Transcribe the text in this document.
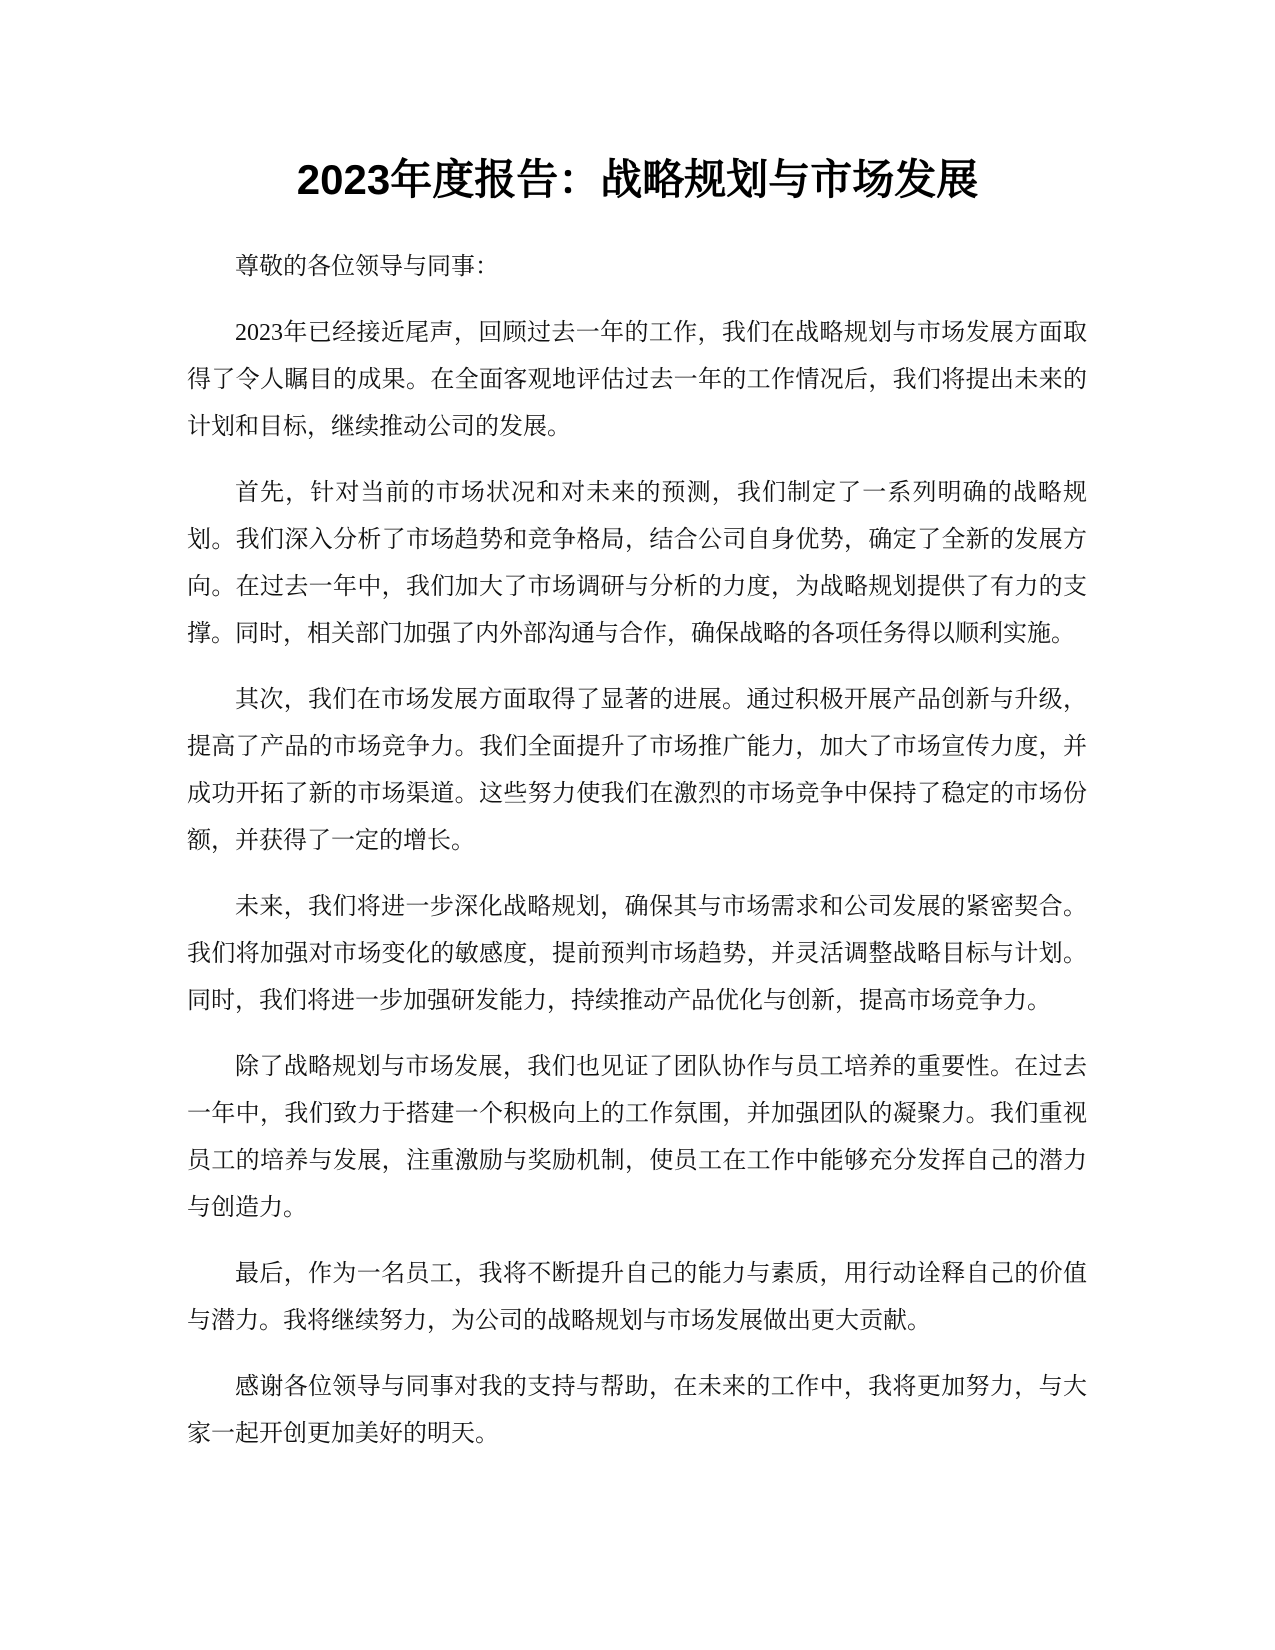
2023年度报告：战略规划与市场发展

尊敬的各位领导与同事：

2023年已经接近尾声，回顾过去一年的工作，我们在战略规划与市场发展方面取得了令人瞩目的成果。在全面客观地评估过去一年的工作情况后，我们将提出未来的计划和目标，继续推动公司的发展。

首先，针对当前的市场状况和对未来的预测，我们制定了一系列明确的战略规划。我们深入分析了市场趋势和竞争格局，结合公司自身优势，确定了全新的发展方向。在过去一年中，我们加大了市场调研与分析的力度，为战略规划提供了有力的支撑。同时，相关部门加强了内外部沟通与合作，确保战略的各项任务得以顺利实施。

其次，我们在市场发展方面取得了显著的进展。通过积极开展产品创新与升级，提高了产品的市场竞争力。我们全面提升了市场推广能力，加大了市场宣传力度，并成功开拓了新的市场渠道。这些努力使我们在激烈的市场竞争中保持了稳定的市场份额，并获得了一定的增长。

未来，我们将进一步深化战略规划，确保其与市场需求和公司发展的紧密契合。我们将加强对市场变化的敏感度，提前预判市场趋势，并灵活调整战略目标与计划。同时，我们将进一步加强研发能力，持续推动产品优化与创新，提高市场竞争力。

除了战略规划与市场发展，我们也见证了团队协作与员工培养的重要性。在过去一年中，我们致力于搭建一个积极向上的工作氛围，并加强团队的凝聚力。我们重视员工的培养与发展，注重激励与奖励机制，使员工在工作中能够充分发挥自己的潜力与创造力。

最后，作为一名员工，我将不断提升自己的能力与素质，用行动诠释自己的价值与潜力。我将继续努力，为公司的战略规划与市场发展做出更大贡献。

感谢各位领导与同事对我的支持与帮助，在未来的工作中，我将更加努力，与大家一起开创更加美好的明天。
